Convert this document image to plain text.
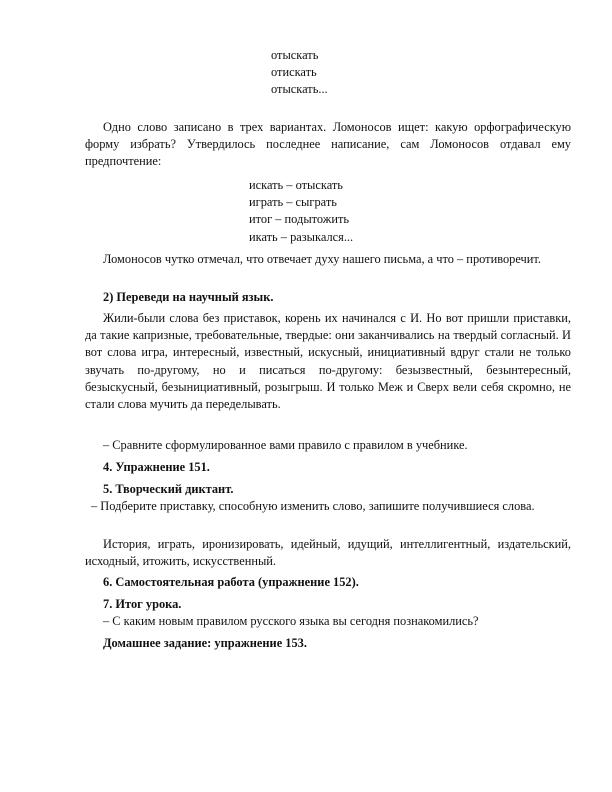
отыскать
отискать
отыскать...
Одно слово записано в трех вариантах. Ломоносов ищет: какую орфографическую форму избрать? Утвердилось последнее написание, сам Ломоносов отдавал ему предпочтение:
искать – отыскать
играть – сыграть
итог – подытожить
икать – разыкался...
Ломоносов чутко отмечал, что отвечает духу нашего письма, а что – противоречит.
2) Переведи на научный язык.
Жили-были слова без приставок, корень их начинался с И. Но вот пришли приставки, да такие капризные, требовательные, твердые: они заканчивались на твердый согласный. И вот слова игра, интересный, известный, искусный, инициативный вдруг стали не только звучать по-другому, но и писаться по-другому: безызвестный, безынтересный, безыскусный, безынициативный, розыгрыш. И только Меж и Сверх вели себя скромно, не стали слова мучить да переделывать.
– Сравните сформулированное вами правило с правилом в учебнике.
4. Упражнение 151.
5. Творческий диктант.
– Подберите приставку, способную изменить слово, запишите получившиеся слова.
История, играть, иронизировать, идейный, идущий, интеллигентный, издательский, исходный, итожить, искусственный.
6. Самостоятельная работа (упражнение 152).
7. Итог урока.
– С каким новым правилом русского языка вы сегодня познакомились?
Домашнее задание: упражнение 153.
